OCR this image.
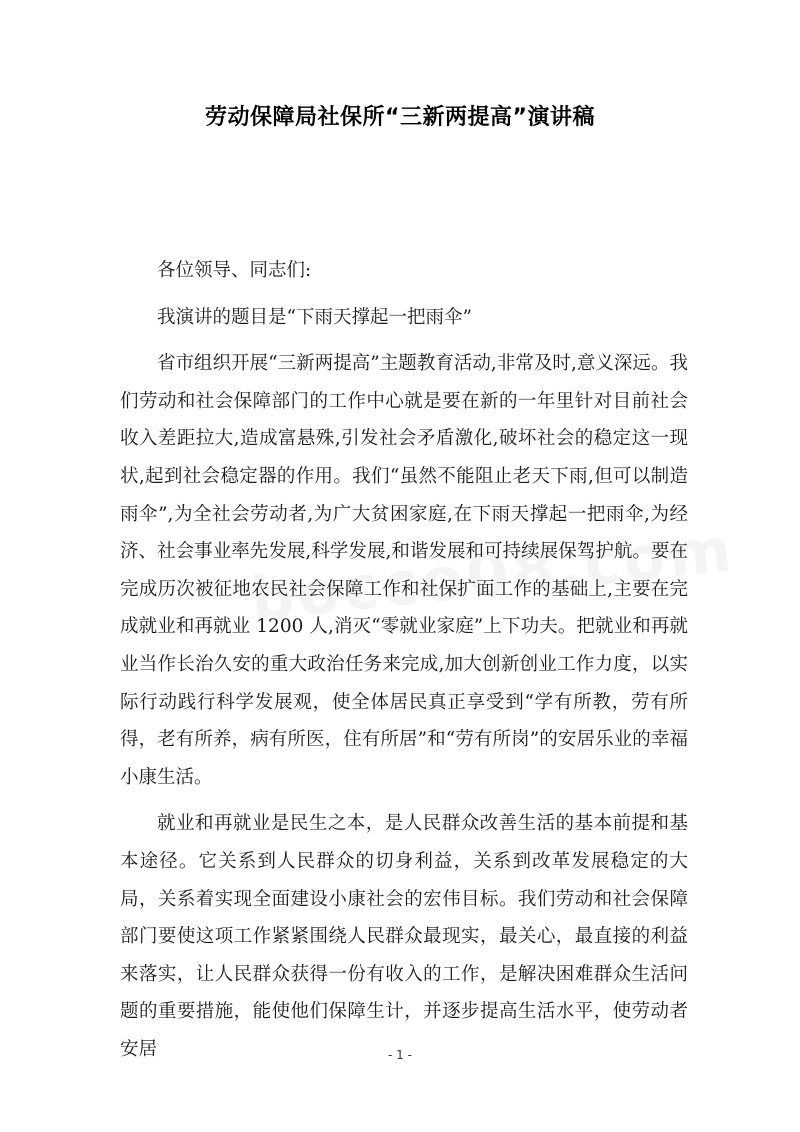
劳动保障局社保所“三新两提高”演讲稿

各位领导、同志们:

我演讲的题目是“下雨天撑起一把雨伞”

省市组织开展“三新两提高”主题教育活动,非常及时,意义深远。我们劳动和社会保障部门的工作中心就是要在新的一年里针对目前社会收入差距拉大,造成富悬殊,引发社会矛盾激化,破坏社会的稳定这一现状,起到社会稳定器的作用。我们“虽然不能阻止老天下雨,但可以制造雨伞”,为全社会劳动者,为广大贫困家庭,在下雨天撑起一把雨伞,为经济、社会事业率先发展,科学发展,和谐发展和可持续展保驾护航。要在完成历次被征地农民社会保障工作和社保扩面工作的基础上,主要在完成就业和再就业 1200 人,消灭“零就业家庭”上下功夫。把就业和再就业当作长治久安的重大政治任务来完成,加大创新创业工作力度，以实际行动践行科学发展观，使全体居民真正享受到“学有所教，劳有所得，老有所养，病有所医，住有所居”和“劳有所岗”的安居乐业的幸福小康生活。

就业和再就业是民生之本，是人民群众改善生活的基本前提和基本途径。它关系到人民群众的切身利益，关系到改革发展稳定的大局，关系着实现全面建设小康社会的宏伟目标。我们劳动和社会保障部门要使这项工作紧紧围绕人民群众最现实，最关心，最直接的利益来落实，让人民群众获得一份有收入的工作，是解决困难群众生活问题的重要措施，能使他们保障生计，并逐步提高生活水平，使劳动者安居	- 1 -
